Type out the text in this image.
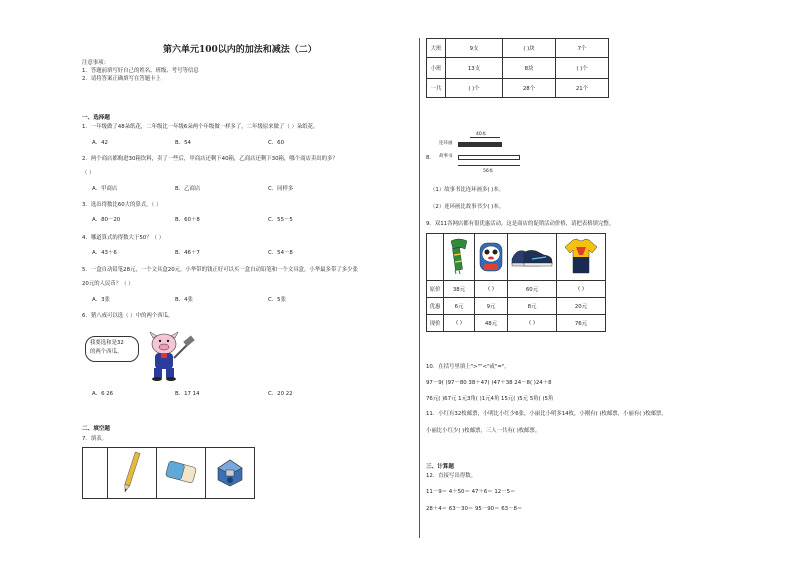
第六单元100以内的加法和减法（二）
注意事项：
1．答题前填写好自己的姓名、班级、考号等信息
2．请将答案正确填写在答题卡上
一、选择题
1．一年级做了48朵纸花，二年级比一年级6朵两个年级做一样多了，二年级原来做了（ ）朵纸花。
A．42	B．54	C．60
2．两个商店都购进30箱饮料，卖了一些后，甲商店还剩下40箱，乙商店还剩下30箱，哪个商店卖出的多？
（ ）
A．甲商店	B．乙商店	C．同样多
3．选出得数比60大的算式。（ ）
A．80－20	B．60＋8	C．55－5
4．哪道算式的得数大于50？（ ）
A．43＋6	B．46＋7	C．54－8
5．一盒自动铅笔28元，一个文具盒20元。小华带的钱正好可以买一盒自动铅笔和一个文具盒，小华最多带了多少张
20元的人民币？（ ）
A．3张	B．4张	C．5张
6．猪八戒可以选（ ）中的两个西瓜。
我要选和是32
的两个西瓜。
A．6 26	B．17 14	C．20 22
二、填空题
7．填表。

大班	9支	( )块	7个
小班	13支	8块	( )个
一共	( )个	28个	21个
8．
连环画
故事书
40本
56本
（1）故事书比连环画多( )本。
（2）连环画比故事书少( )本。
9．双11各网店都有很优惠活动，这是商店的促销活动价格，请把表格填完整。

原价	38元	( )	60元	( )
优惠	6元	9元	8元	20元
现价	( )	48元	( )	76元
10．在括号里填上">""<"或"="。
97－9( )97－80 38＋47( )47＋38 24－8( )24＋8
76元( )67元 1元3角( )1元4角 15元( )5元 5角( )5角
11．小红有32枚邮票，小明比小红少6张，小丽比小明多14枚，小刚有( )枚邮票，小丽有( )枚邮票，
小丽比小红少( )枚邮票，三人一共有( )枚邮票。
三、计算题
12．直接写出得数。
11－9＝ 4＋50＝ 47＋6＝ 12－5＝
28＋4＝ 63－30＝ 95－90＝ 63－8＝
